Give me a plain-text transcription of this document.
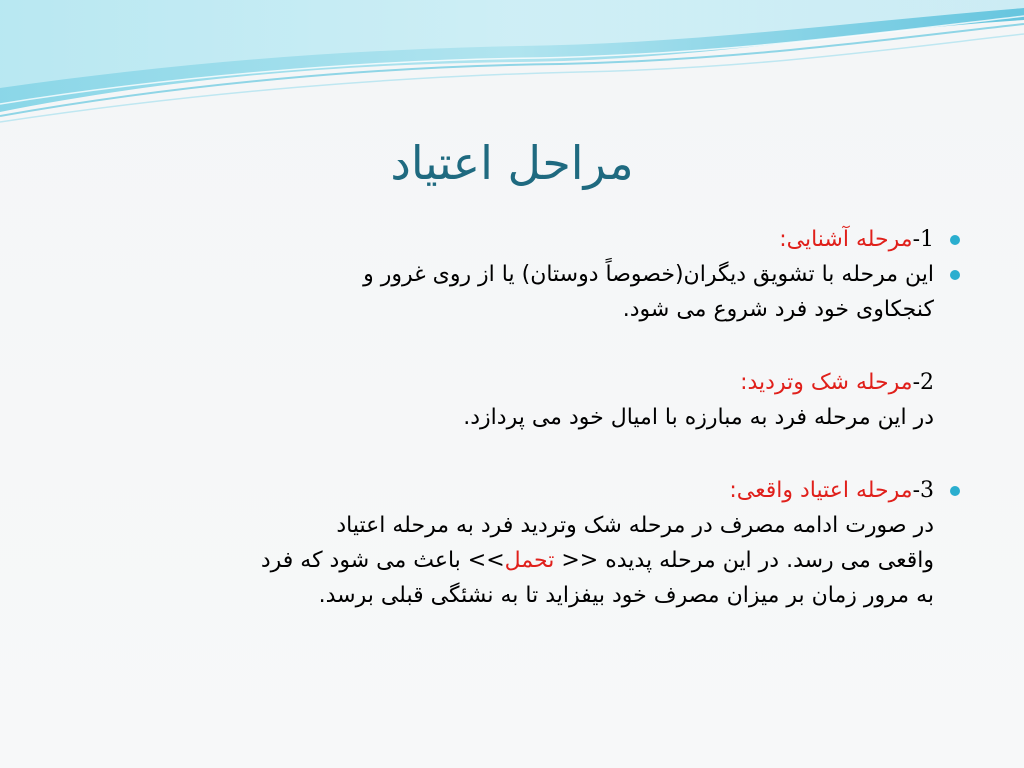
مراحل اعتیاد
1-مرحله آشنایی:
این مرحله با تشویق دیگران(خصوصاً دوستان) یا از روی غرور و
کنجکاوی خود فرد شروع می شود.
2-مرحله شک وتردید:
در این مرحله فرد به مبارزه با امیال خود می پردازد.
3-مرحله اعتیاد واقعی:
در صورت ادامه مصرف در مرحله شک وتردید فرد به مرحله اعتیاد
واقعی می رسد. در این مرحله پدیده << تحمل>> باعث می شود که فرد
به مرور زمان بر میزان مصرف خود بیفزاید تا به نشئگی قبلی برسد.
